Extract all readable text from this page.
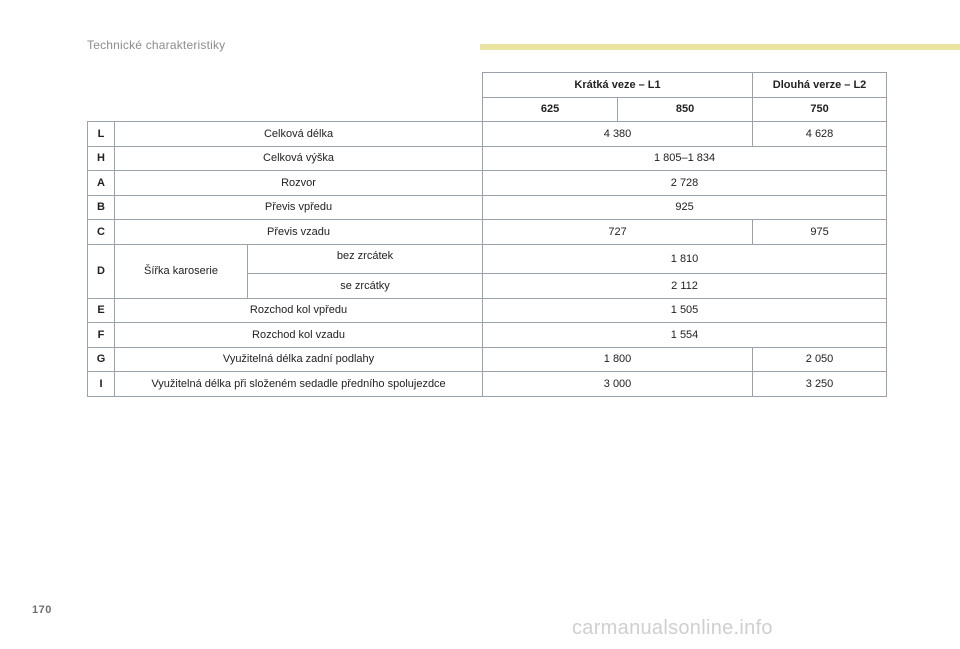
Technické charakteristiky
			Krátká veze – L1		Dlouhá verze – L2
			625	850	750
L	Celková délka		4 380		4 628
H	Celková výška		1 805–1 834		
A	Rozvor		2 728		
B	Převis vpředu		925		
C	Převis vzadu		727		975
D	Šířka karoserie	bez zrcátek	1 810		
		se zrcátky	2 112		
E	Rozchod kol vpředu		1 505		
F	Rozchod kol vzadu		1 554		
G	Využitelná délka zadní podlahy		1 800		2 050
I	Využitelná délka při složeném sedadle předního spolujezdce		3 000		3 250
170
carmanualsonline.info
